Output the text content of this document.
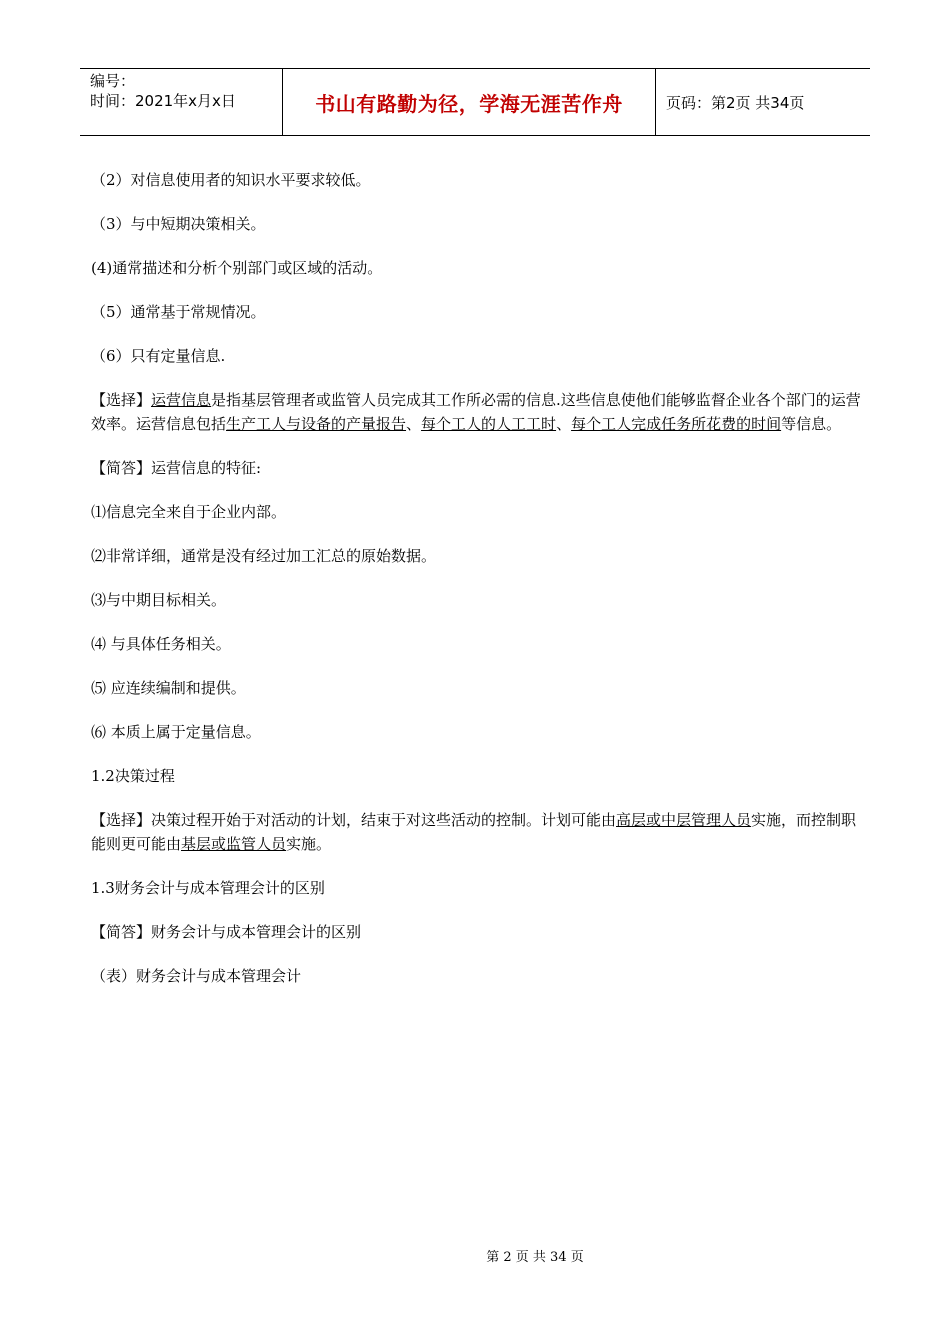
编号：
时间：2021年x月x日	书山有路勤为径，学海无涯苦作舟	页码：第2页 共34页

（2）对信息使用者的知识水平要求较低。

（3）与中短期决策相关。

(4)通常描述和分析个别部门或区域的活动。

（5）通常基于常规情况。

（6）只有定量信息.

【选择】运营信息是指基层管理者或监管人员完成其工作所必需的信息.这些信息使他们能够监督企业各个部门的运营效率。运营信息包括生产工人与设备的产量报告、每个工人的人工工时、每个工人完成任务所花费的时间等信息。

【简答】运营信息的特征:

⑴信息完全来自于企业内部。

⑵非常详细，通常是没有经过加工汇总的原始数据。

⑶与中期目标相关。

⑷ 与具体任务相关。

⑸ 应连续编制和提供。

⑹ 本质上属于定量信息。

1.2决策过程

【选择】决策过程开始于对活动的计划，结束于对这些活动的控制。计划可能由高层或中层管理人员实施，而控制职能则更可能由基层或监管人员实施。

1.3财务会计与成本管理会计的区别

【简答】财务会计与成本管理会计的区别

（表）财务会计与成本管理会计

第 2 页 共 34 页
